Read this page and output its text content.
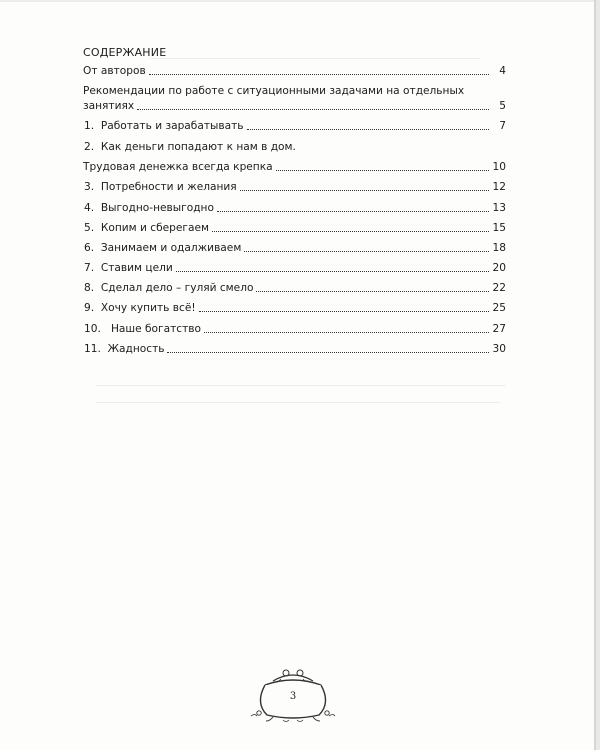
СОДЕРЖАНИЕ
От авторов	4
Рекомендации по работе с ситуационными задачами на отдельных
занятиях	5
1. Работать и зарабатывать	7
2. Как деньги попадают к нам в дом.
Трудовая денежка всегда крепка	10
3. Потребности и желания	12
4. Выгодно-невыгодно	13
5. Копим и сберегаем	15
6. Занимаем и одалживаем	18
7. Ставим цели	20
8. Сделал дело – гуляй смело	22
9. Хочу купить всё!	25
10. Наше богатство	27
11. Жадность	30
3
